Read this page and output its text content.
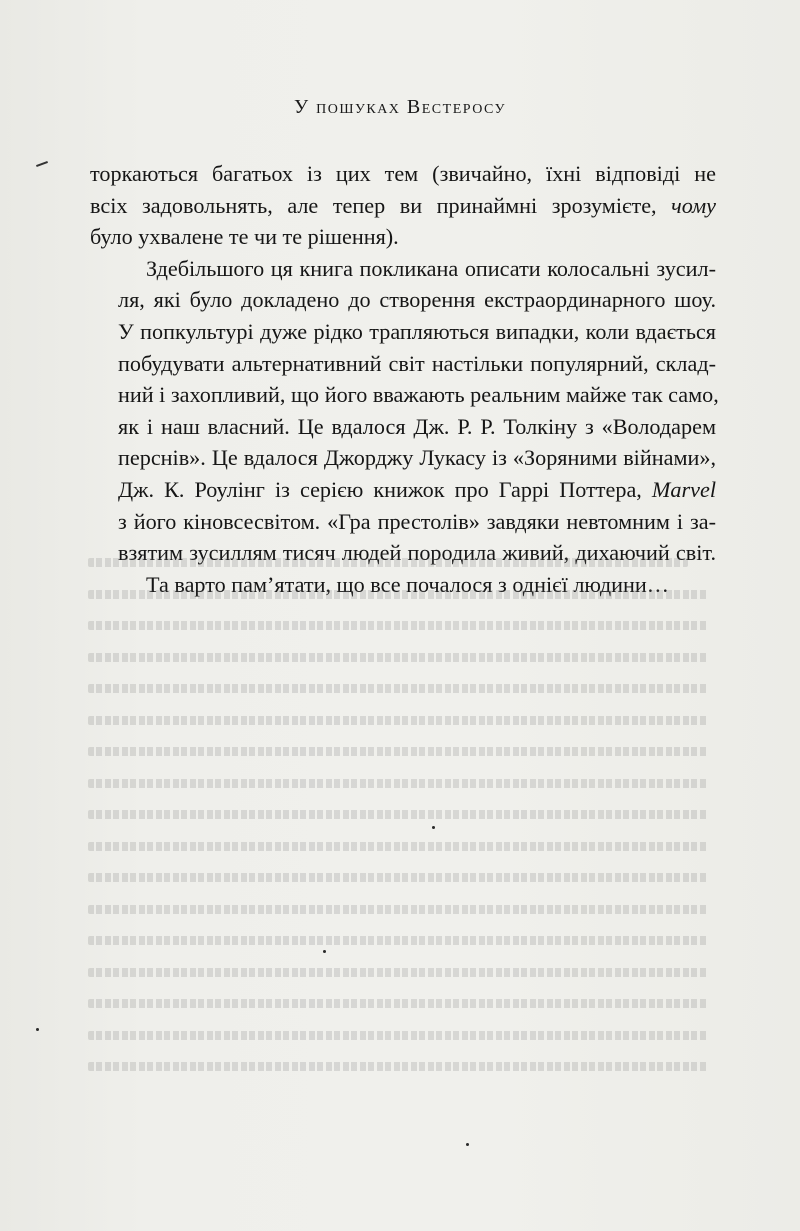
У пошуках Вестеросу

торкаються багатьох із цих тем (звичайно, їхні відповіді не
всіх задовольнять, але тепер ви принаймні зрозумієте, чому
було ухвалене те чи те рішення).

Здебільшого ця книга покликана описати колосальні зусил-
ля, які було докладено до створення екстраординарного шоу.
У попкультурі дуже рідко трапляються випадки, коли вдається
побудувати альтернативний світ настільки популярний, склад-
ний і захопливий, що його вважають реальним майже так само,
як і наш власний. Це вдалося Дж. Р. Р. Толкіну з «Володарем
перснів». Це вдалося Джорджу Лукасу із «Зоряними війнами»,
Дж. К. Роулінг із серією книжок про Гаррі Поттера, Marvel
з його кіновсесвітом. «Гра престолів» завдяки невтомним і за-
взятим зусиллям тисяч людей породила живий, дихаючий світ.

Та варто пам’ятати, що все почалося з однієї людини…
